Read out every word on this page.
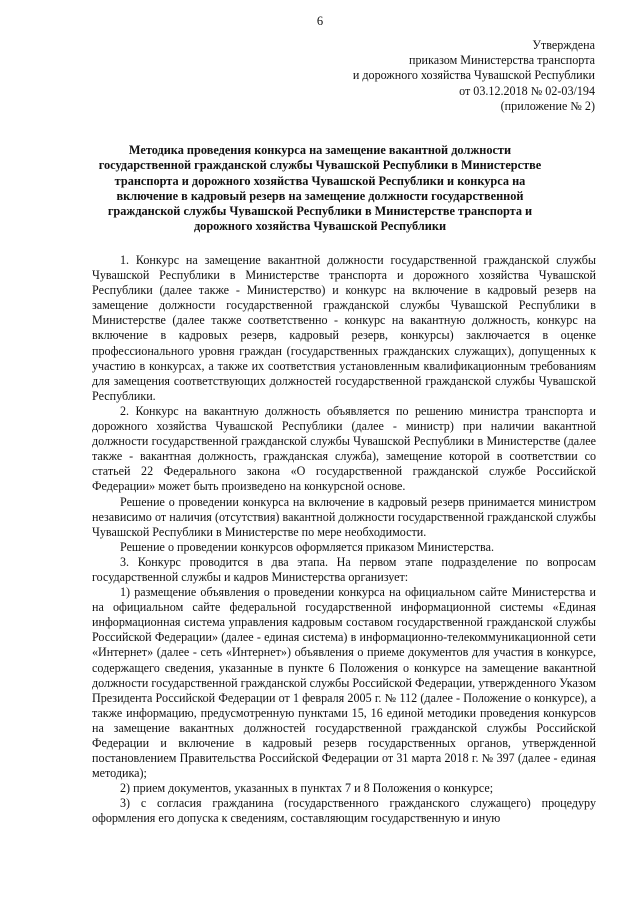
6
Утверждена
приказом Министерства транспорта
и дорожного хозяйства Чувашской Республики
от 03.12.2018 № 02-03/194
(приложение № 2)
Методика проведения конкурса на замещение вакантной должности государственной гражданской службы Чувашской Республики в Министерстве транспорта и дорожного хозяйства Чувашской Республики и конкурса на включение в кадровый резерв на замещение должности государственной гражданской службы Чувашской Республики в Министерстве транспорта и дорожного хозяйства Чувашской Республики

1. Конкурс на замещение вакантной должности государственной гражданской службы Чувашской Республики в Министерстве транспорта и дорожного хозяйства Чувашской Республики (далее также - Министерство) и конкурс на включение в кадровый резерв на замещение должности государственной гражданской службы Чувашской Республики в Министерстве (далее также соответственно - конкурс на вакантную должность, конкурс на включение в кадровых резерв, кадровый резерв, конкурсы) заключается в оценке профессионального уровня граждан (государственных гражданских служащих), допущенных к участию в конкурсах, а также их соответствия установленным квалификационным требованиям для замещения соответствующих должностей государственной гражданской службы Чувашской Республики.

2. Конкурс на вакантную должность объявляется по решению министра транспорта и дорожного хозяйства Чувашской Республики (далее - министр) при наличии вакантной должности государственной гражданской службы Чувашской Республики в Министерстве (далее также - вакантная должность, гражданская служба), замещение которой в соответствии со статьей 22 Федерального закона «О государственной гражданской службе Российской Федерации» может быть произведено на конкурсной основе.

Решение о проведении конкурса на включение в кадровый резерв принимается министром независимо от наличия (отсутствия) вакантной должности государственной гражданской службы Чувашской Республики в Министерстве по мере необходимости.

Решение о проведении конкурсов оформляется приказом Министерства.

3. Конкурс проводится в два этапа. На первом этапе подразделение по вопросам государственной службы и кадров Министерства организует:

1) размещение объявления о проведении конкурса на официальном сайте Министерства и на официальном сайте федеральной государственной информационной системы «Единая информационная система управления кадровым составом государственной гражданской службы Российской Федерации» (далее - единая система) в информационно-телекоммуникационной сети «Интернет» (далее - сеть «Интернет») объявления о приеме документов для участия в конкурсе, содержащего сведения, указанные в пункте 6 Положения о конкурсе на замещение вакантной должности государственной гражданской службы Российской Федерации, утвержденного Указом Президента Российской Федерации от 1 февраля 2005 г. № 112 (далее - Положение о конкурсе), а также информацию, предусмотренную пунктами 15, 16 единой методики проведения конкурсов на замещение вакантных должностей государственной гражданской службы Российской Федерации и включение в кадровый резерв государственных органов, утвержденной постановлением Правительства Российской Федерации от 31 марта 2018 г. № 397 (далее - единая методика);

2) прием документов, указанных в пунктах 7 и 8 Положения о конкурсе;

3) с согласия гражданина (государственного гражданского служащего) процедуру оформления его допуска к сведениям, составляющим государственную и иную
